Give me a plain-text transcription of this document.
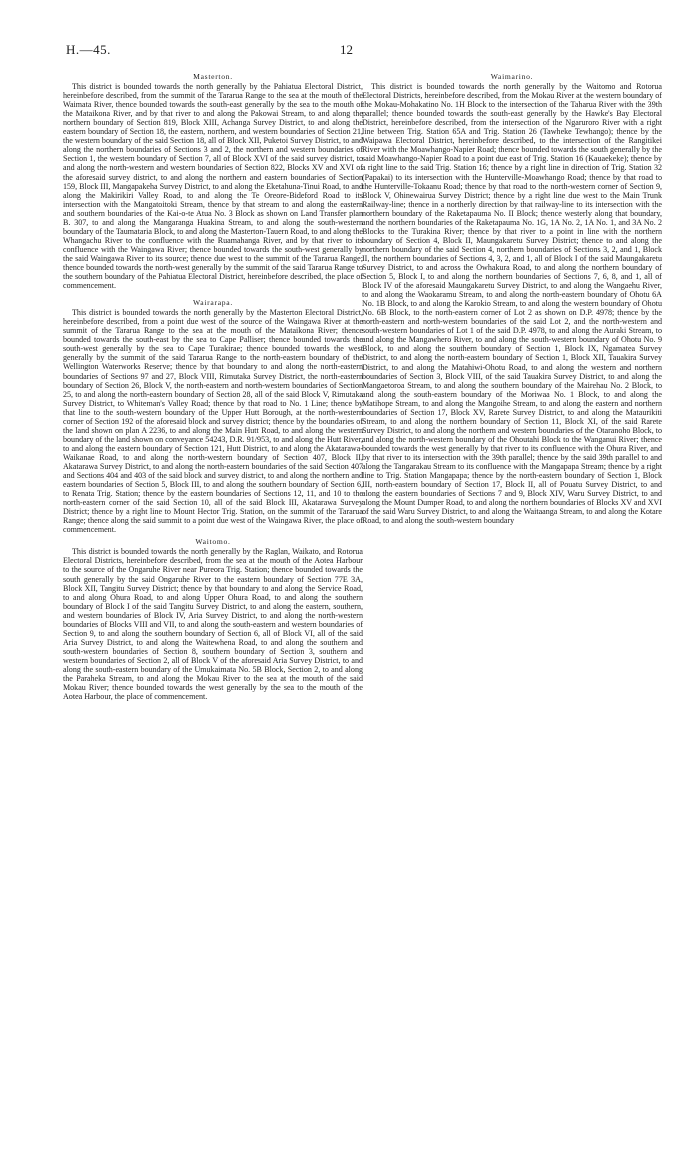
H.—45.	12
Masterton.

This district is bounded towards the north generally by the Pahiatua Electoral District, hereinbefore described, from the summit of the Tararua Range to the sea at the mouth of the Waimata River, thence bounded towards the south-east generally by the sea to the mouth of the Mataikona River, and by that river to and along the Pakowai Stream, to and along the northern boundary of Section 819, Block XIII, Achanga Survey District, to and along the eastern boundary of Section 18, the eastern, northern, and western boundaries of Section 21, the western boundary of the said Section 18, all of Block XII, Puketoi Survey District, to and along the northern boundaries of Sections 3 and 2, the northern and western boundaries of Section 1, the western boundary of Section 7, all of Block XVI of the said survey district, to and along the north-western and western boundaries of Section 822, Blocks XV and XVI of the aforesaid survey district, to and along the northern and eastern boundaries of Section 159, Block III, Mangapakeha Survey District, to and along the Eketahuna-Tinui Road, to and along the Makirikiri Valley Road, to and along the Te Oreore-Bideford Road to its intersection with the Mangatoitoki Stream, thence by that stream to and along the eastern and southern boundaries of the Kai-o-te Atua No. 3 Block as shown on Land Transfer plan B. 307, to and along the Mangaranga Huakina Stream, to and along the south-western boundary of the Taumataria Block, to and along the Masterton-Tauern Road, to and along the Whangachu River to the confluence with the Ruamahanga River, and by that river to its confluence with the Waingawa River; thence bounded towards the south-west generally by the said Waingawa River to its source; thence due west to the summit of the Tararua Range; thence bounded towards the north-west generally by the summit of the said Tararua Range to the southern boundary of the Pahiatua Electoral District, hereinbefore described, the place of commencement.

Wairarapa.

This district is bounded towards the north generally by the Masterton Electoral District, hereinbefore described, from a point due west of the source of the Waingawa River at the summit of the Tararua Range to the sea at the mouth of the Mataikona River; thence bounded towards the south-east by the sea to Cape Palliser; thence bounded towards the south-west generally by the sea to Cape Turakirae; thence bounded towards the west generally by the summit of the said Tararua Range to the north-eastern boundary of the Wellington Waterworks Reserve; thence by that boundary to and along the north-eastern boundaries of Sections 97 and 27, Block VIII, Rimutaka Survey District, the north-eastern boundary of Section 26, Block V, the north-eastern and north-western boundaries of Section 25, to and along the north-eastern boundary of Section 28, all of the said Block V, Rimutaka Survey District, to Whiteman's Valley Road; thence by that road to No. 1 Line; thence by that line to the south-western boundary of the Upper Hutt Borough, at the north-western corner of Section 192 of the aforesaid block and survey district; thence by the boundaries of the land shown on plan A 2236, to and along the Main Hutt Road, to and along the western boundary of the land shown on conveyance 54243, D.R. 91/953, to and along the Hutt River, to and along the eastern boundary of Section 121, Hutt District, to and along the Akatarawa-Waikanae Road, to and along the north-western boundary of Section 407, Block II, Akatarawa Survey District, to and along the north-eastern boundaries of the said Section 407 and Sections 404 and 403 of the said block and survey district, to and along the northern and eastern boundaries of Section 5, Block III, to and along the southern boundary of Section 6, to Renata Trig. Station; thence by the eastern boundaries of Sections 12, 11, and 10 to the north-eastern corner of the said Section 10, all of the said Block III, Akatarawa Survey District; thence by a right line to Mount Hector Trig. Station, on the summit of the Tararua Range; thence along the said summit to a point due west of the Waingawa River, the place of commencement.

Waitomo.

This district is bounded towards the north generally by the Raglan, Waikato, and Rotorua Electoral Districts, hereinbefore described, from the sea at the mouth of the Aotea Harbour to the source of the Ongaruhe River near Pureora Trig. Station; thence bounded towards the south generally by the said Ongaruhe River to the eastern boundary of Section 77E 3A, Block XII, Tangitu Survey District; thence by that boundary to and along the Service Road, to and along Ohura Road, to and along Upper Ohura Road, to and along the southern boundary of Block I of the said Tangitu Survey District, to and along the eastern, southern, and western boundaries of Block IV, Aria Survey District, to and along the north-western boundaries of Blocks VIII and VII, to and along the south-eastern and western boundaries of Section 9, to and along the southern boundary of Section 6, all of Block VI, all of the said Aria Survey District, to and along the Waitewhena Road, to and along the southern and south-western boundaries of Section 8, southern boundary of Section 3, southern and western boundaries of Section 2, all of Block V of the aforesaid Aria Survey District, to and along the south-eastern boundary of the Umukaimata No. 5B Block, Section 2, to and along the Paraheka Stream, to and along the Mokau River to the sea at the mouth of the said Mokau River; thence bounded towards the west generally by the sea to the mouth of the Aotea Harbour, the place of commencement.

Waimarino.

This district is bounded towards the north generally by the Waitomo and Rotorua Electoral Districts, hereinbefore described, from the Mokau River at the western boundary of the Mokau-Mohakatino No. 1H Block to the intersection of the Taharua River with the 39th parallel; thence bounded towards the south-east generally by the Hawke's Bay Electoral District, hereinbefore described, from the intersection of the Ngaruroro River with a right line between Trig. Station 65A and Trig. Station 26 (Tawheke Tewhango); thence by the Waipawa Electoral District, hereinbefore described, to the intersection of the Rangitikei River with the Moawhango-Napier Road; thence bounded towards the south generally by the said Moawhango-Napier Road to a point due east of Trig. Station 16 (Kauaekeke); thence by a right line to the said Trig. Station 16; thence by a right line in direction of Trig. Station 32 (Papakai) to its intersection with the Hunterville-Moawhango Road; thence by that road to the Hunterville-Tokaanu Road; thence by that road to the north-western corner of Section 9, Block V, Ohinewairua Survey District; thence by a right line due west to the Main Trunk Railway-line; thence in a northerly direction by that railway-line to its intersection with the northern boundary of the Raketapauma No. II Block; thence westerly along that boundary, and the northern boundaries of the Raketapauma No. 1G, 1A No. 2, 1A No. 1, and 3A No. 2 Blocks to the Turakina River; thence by that river to a point in line with the northern boundary of Section 4, Block II, Maungakaretu Survey District; thence to and along the northern boundary of the said Section 4, northern boundaries of Sections 3, 2, and 1, Block II, the northern boundaries of Sections 4, 3, 2, and 1, all of Block I of the said Maungakaretu Survey District, to and across the Owhakura Road, to and along the northern boundary of Section 5, Block I, to and along the northern boundaries of Sections 7, 6, 8, and 1, all of Block IV of the aforesaid Maungakaretu Survey District, to and along the Wangaehu River, to and along the Waokaramu Stream, to and along the north-eastern boundary of Ohotu 6A No. 1B Block, to and along the Karokio Stream, to and along the western boundary of Ohotu No. 6B Block, to the north-eastern corner of Lot 2 as shown on D.P. 4978; thence by the north-eastern and north-western boundaries of the said Lot 2, and the north-western and south-western boundaries of Lot 1 of the said D.P. 4978, to and along the Auraki Stream, to and along the Mangawhero River, to and along the south-western boundary of Ohotu No. 9 Block, to and along the southern boundary of Section 1, Block IX, Ngamatea Survey District, to and along the north-eastern boundary of Section 1, Block XII, Tauakira Survey District, to and along the Matahiwi-Ohotu Road, to and along the western and northern boundaries of Section 3, Block VIII, of the said Tauakira Survey District, to and along the Mangaetoroa Stream, to and along the southern boundary of the Mairehau No. 2 Block, to and along the south-eastern boundary of the Moriwaa No. 1 Block, to and along the Matihope Stream, to and along the Mangoihe Stream, to and along the eastern and northern boundaries of Section 17, Block XV, Rarete Survey District, to and along the Mataurikiti Stream, to and along the northern boundary of Section 11, Block XI, of the said Rarete Survey District, to and along the northern and western boundaries of the Otaranoho Block, to and along the north-western boundary of the Ohoutahi Block to the Wanganui River; thence bounded towards the west generally by that river to its confluence with the Ohura River, and by that river to its intersection with the 39th parallel; thence by the said 39th parallel to and along the Tangarakau Stream to its confluence with the Mangapapa Stream; thence by a right line to Trig. Station Mangapapa; thence by the north-eastern boundary of Section 1, Block III, north-eastern boundary of Section 17, Block II, all of Pouatu Survey District, to and along the eastern boundaries of Sections 7 and 9, Block XIV, Waru Survey District, to and along the Mount Dumper Road, to and along the northern boundaries of Blocks XV and XVI of the said Waru Survey District, to and along the Waitaanga Stream, to and along the Kotare Road, to and along the south-western boundary
